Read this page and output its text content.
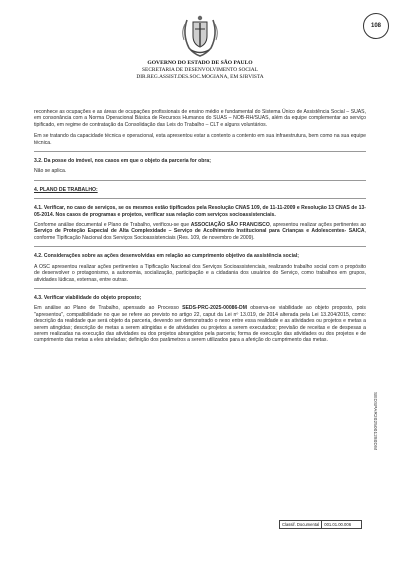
108
GOVERNO DO ESTADO DE SÃO PAULO
SECRETARIA DE DESENVOLVIMENTO SOCIAL
DIR.REG.ASSIST.DES.SOC.MOGIANA, EM SJBVISTA

reconhece as ocupações e as áreas de ocupações profissionais de ensino médio e fundamental do Sistema Único de Assistência Social – SUAS, em consonância com a Norma Operacional Básica de Recursos Humanos do SUAS – NOB-RH/SUAS, além da equipe complementar ao serviço tipificado, em regime de contratação da Consolidação das Leis do Trabalho – CLT e alguns voluntários.

Em se tratando da capacidade técnica e operacional, esta apresentou estar a contento a contento em sua infraestrutura, bem como na sua equipe técnica.

3.2. Da posse do imóvel, nos casos em que o objeto da parceria for obra;

Não se aplica.

4. PLANO DE TRABALHO:

4.1. Verificar, no caso de serviços, se os mesmos estão tipificados pela Resolução CNAS 109, de 11-11-2009 e Resolução 13 CNAS de 13-05-2014. Nos casos de programas e projetos, verificar sua relação com serviços socioassistenciais.

Conforme análise documental e Plano de Trabalho, verificou-se que ASSOCIAÇÃO SÃO FRANCISCO, apresentou realizar ações pertinentes ao Serviço de Proteção Especial de Alta Complexidade – Serviço de Acolhimento Institucional para Crianças e Adolescentes- SAICA, conforme Tipificação Nacional dos Serviços Socioassistenciais (Res. 109, de novembro de 2009).

4.2. Considerações sobre as ações desenvolvidas em relação ao cumprimento objetivo da assistência social;

A OSC apresentou realizar ações pertinentes a Tipificação Nacional dos Serviços Socioassistenciais, realizando trabalho social com o propósito de desenvolver o protagonismo, a autonomia, socialização, participação e a cidadania dos usuários do Serviço, como trabalhos em grupos, atividades lúdicas, externas, entre outras.

4.3. Verificar viabilidade do objeto proposto;

Em análise ao Plano de Trabalho, apensado ao Processo SEDS-PRC-2025-00086-DM observa-se viabilidade ao objeto proposto, pois "apresentou", compatibilidade no que se refere ao previsto no artigo 22, caput da Lei nº 13.019, de 2014 alterada pela Lei 13.204/2015, como: descrição da realidade que será objeto da parceria, devendo ser demonstrado o nexo entre essa realidade e as atividades ou projetos e metas a serem atingidas; descrição de metas a serem atingidas e de atividades ou projetos a serem executados; previsão de receitas e de despesas a serem realizadas na execução das atividades ou dos projetos abrangidos pela parceria; forma de execução das atividades ou dos projetos e de cumprimento das metas a eles atreladas; definição dos parâmetros a serem utilizados para a aferição do cumprimento das metas.

SEDSPAR2025001280DM
Classif. Documental	001.01.00.006
